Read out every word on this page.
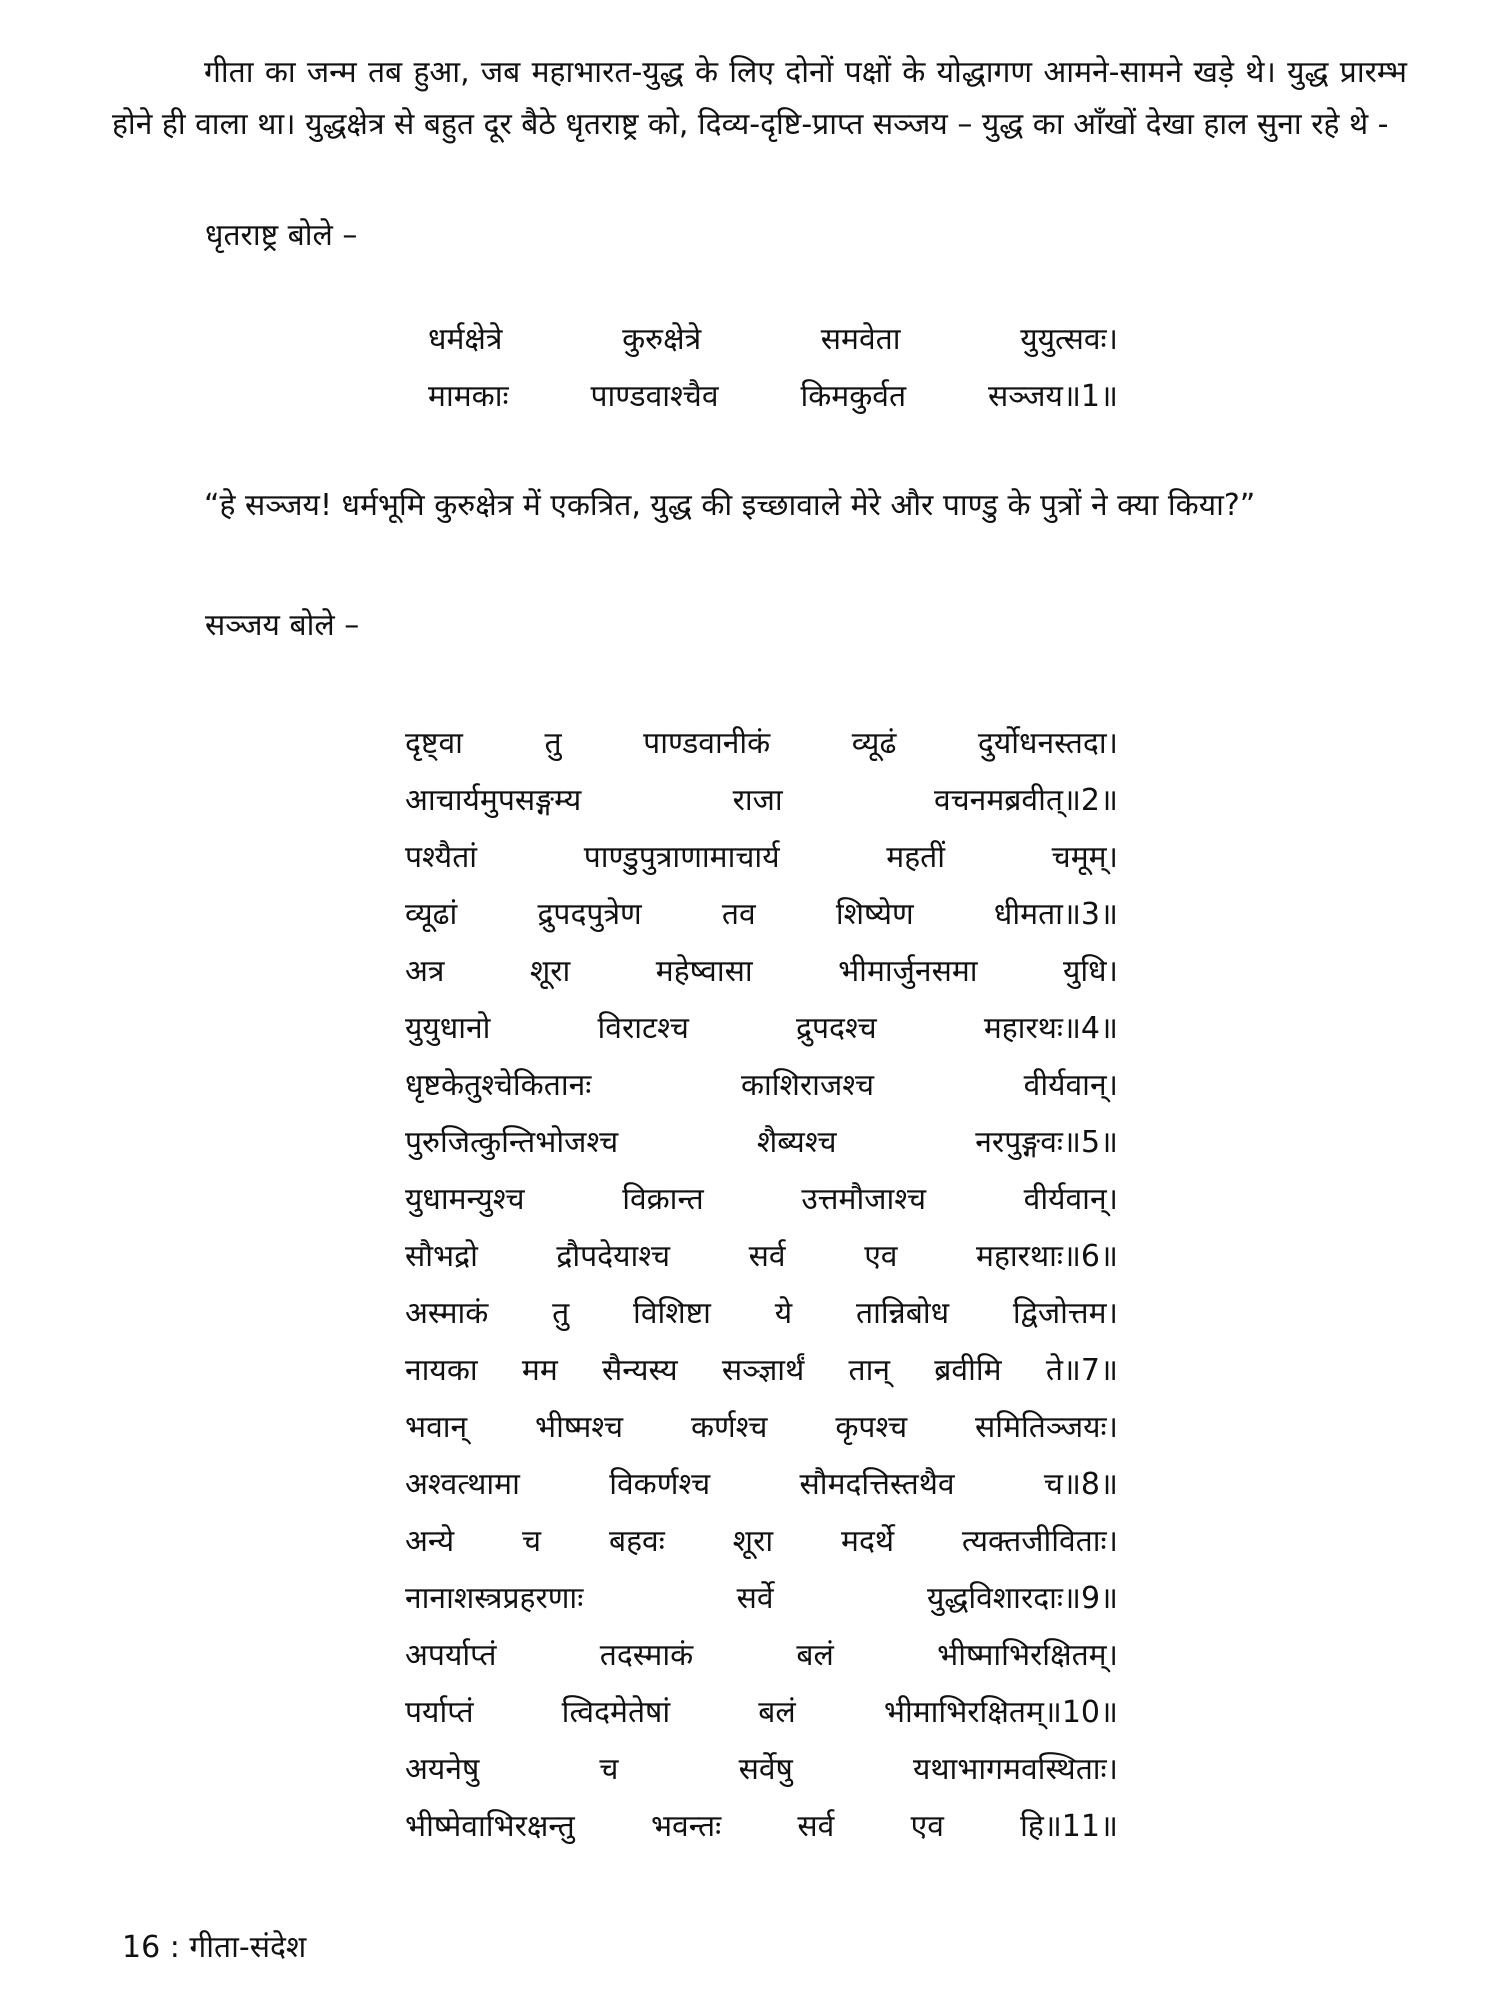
गीता का जन्म तब हुआ, जब महाभारत-युद्ध के लिए दोनों पक्षों के योद्धागण आमने-सामने खड़े थे। युद्ध प्रारम्भ होने ही वाला था। युद्धक्षेत्र से बहुत दूर बैठे धृतराष्ट्र को, दिव्य-दृष्टि-प्राप्त सञ्जय – युद्ध का आँखों देखा हाल सुना रहे थे -

धृतराष्ट्र बोले –
धर्मक्षेत्रे	कुरुक्षेत्रे	समवेता	युयुत्सवः।
मामकाः	पाण्डवाश्चैव	किमकुर्वत	सञ्जय॥1॥

“हे सञ्जय! धर्मभूमि कुरुक्षेत्र में एकत्रित, युद्ध की इच्छावाले मेरे और पाण्डु के पुत्रों ने क्या किया?”

सञ्जय बोले –
दृष्ट्वा	तु	पाण्डवानीकं	व्यूढं	दुर्योधनस्तदा।
आचार्यमुपसङ्गम्य	राजा	वचनमब्रवीत्॥2॥
पश्यैतां	पाण्डुपुत्राणामाचार्य	महतीं	चमूम्।
व्यूढां	द्रुपदपुत्रेण	तव	शिष्येण	धीमता॥3॥
अत्र	शूरा	महेष्वासा	भीमार्जुनसमा	युधि।
युयुधानो	विराटश्च	द्रुपदश्च	महारथः॥4॥
धृष्टकेतुश्चेकितानः	काशिराजश्च	वीर्यवान्।
पुरुजित्कुन्तिभोजश्च	शैब्यश्च	नरपुङ्गवः॥5॥
युधामन्युश्च	विक्रान्त	उत्तमौजाश्च	वीर्यवान्।
सौभद्रो	द्रौपदेयाश्च	सर्व	एव	महारथाः॥6॥
अस्माकं तु विशिष्टा ये तान्निबोध द्विजोत्तम।
नायका मम सैन्यस्य सञ्ज्ञार्थं तान् ब्रवीमि ते॥7॥
भवान् भीष्मश्च कर्णश्च कृपश्च समितिञ्जयः।
अश्वत्थामा	विकर्णश्च	सौमदत्तिस्तथैव	च॥8॥
अन्ये च बहवः शूरा मदर्थे त्यक्तजीविताः।
नानाशस्त्रप्रहरणाः	सर्वे	युद्धविशारदाः॥9॥
अपर्याप्तं	तदस्माकं	बलं	भीष्माभिरक्षितम्।
पर्याप्तं	त्विदमेतेषां	बलं	भीमाभिरक्षितम्॥10॥
अयनेषु	च	सर्वेषु	यथाभागमवस्थिताः।
भीष्मेवाभिरक्षन्तु	भवन्तः	सर्व	एव	हि॥11॥
16 : गीता-संदेश
